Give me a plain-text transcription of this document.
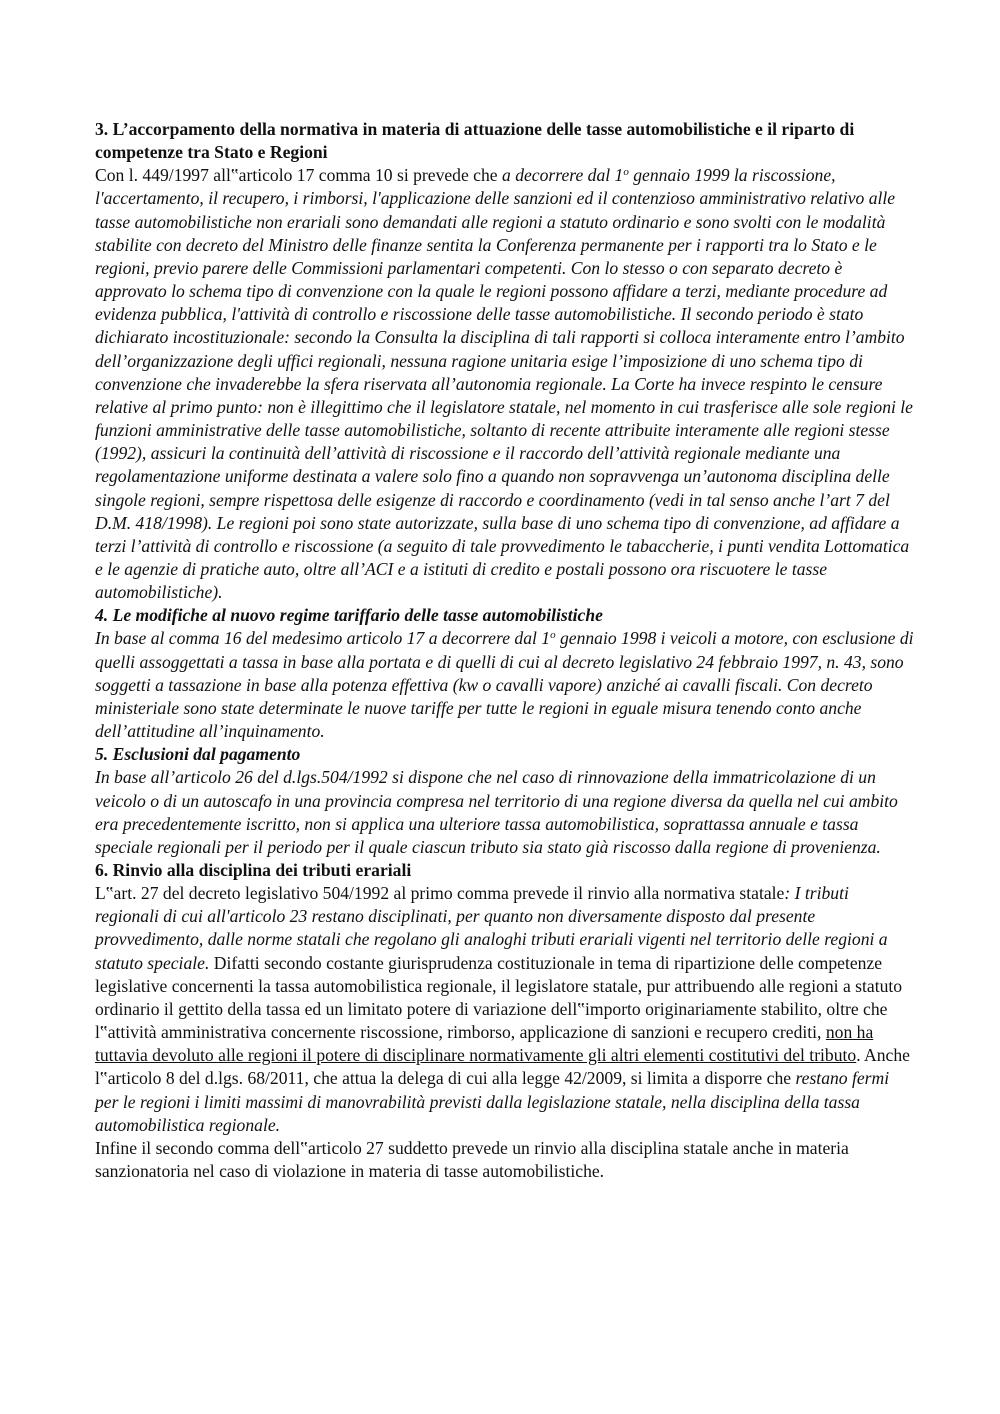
3. L’accorpamento della normativa in materia di attuazione delle tasse automobilistiche e il riparto di competenze tra Stato e Regioni

Con l. 449/1997 all‟articolo 17 comma 10 si prevede che a decorrere dal 1$^o$ gennaio 1999 la riscossione, l'accertamento, il recupero, i rimborsi, l'applicazione delle sanzioni ed il contenzioso amministrativo relativo alle tasse automobilistiche non erariali sono demandati alle regioni a statuto ordinario e sono svolti con le modalità stabilite con decreto del Ministro delle finanze sentita la Conferenza permanente per i rapporti tra lo Stato e le regioni, previo parere delle Commissioni parlamentari competenti. Con lo stesso o con separato decreto è approvato lo schema tipo di convenzione con la quale le regioni possono affidare a terzi, mediante procedure ad evidenza pubblica, l'attività di controllo e riscossione delle tasse automobilistiche. Il secondo periodo è stato dichiarato incostituzionale: secondo la Consulta la disciplina di tali rapporti si colloca interamente entro l’ambito dell’organizzazione degli uffici regionali, nessuna ragione unitaria esige l’imposizione di uno schema tipo di convenzione che invaderebbe la sfera riservata all’autonomia regionale. La Corte ha invece respinto le censure relative al primo punto: non è illegittimo che il legislatore statale, nel momento in cui trasferisce alle sole regioni le funzioni amministrative delle tasse automobilistiche, soltanto di recente attribuite interamente alle regioni stesse (1992), assicuri la continuità dell’attività di riscossione e il raccordo dell’attività regionale mediante una regolamentazione uniforme destinata a valere solo fino a quando non sopravvenga un’autonoma disciplina delle singole regioni, sempre rispettosa delle esigenze di raccordo e coordinamento (vedi in tal senso anche l’art 7 del D.M. 418/1998). Le regioni poi sono state autorizzate, sulla base di uno schema tipo di convenzione, ad affidare a terzi l’attività di controllo e riscossione (a seguito di tale provvedimento le tabaccherie, i punti vendita Lottomatica e le agenzie di pratiche auto, oltre all’ACI e a istituti di credito e postali possono ora riscuotere le tasse automobilistiche).

4. Le modifiche al nuovo regime tariffario delle tasse automobilistiche

In base al comma 16 del medesimo articolo 17 a decorrere dal 1$^o$ gennaio 1998 i veicoli a motore, con esclusione di quelli assoggettati a tassa in base alla portata e di quelli di cui al decreto legislativo 24 febbraio 1997, n. 43, sono soggetti a tassazione in base alla potenza effettiva (kw o cavalli vapore) anziché ai cavalli fiscali. Con decreto ministeriale sono state determinate le nuove tariffe per tutte le regioni in eguale misura tenendo conto anche dell’attitudine all’inquinamento.

5. Esclusioni dal pagamento

In base all’articolo 26 del d.lgs.504/1992 si dispone che nel caso di rinnovazione della immatricolazione di un veicolo o di un autoscafo in una provincia compresa nel territorio di una regione diversa da quella nel cui ambito era precedentemente iscritto, non si applica una ulteriore tassa automobilistica, soprattassa annuale e tassa speciale regionali per il periodo per il quale ciascun tributo sia stato già riscosso dalla regione di provenienza.

6. Rinvio alla disciplina dei tributi erariali

L‟art. 27 del decreto legislativo 504/1992 al primo comma prevede il rinvio alla normativa statale: I tributi regionali di cui all'articolo 23 restano disciplinati, per quanto non diversamente disposto dal presente provvedimento, dalle norme statali che regolano gli analoghi tributi erariali vigenti nel territorio delle regioni a statuto speciale. Difatti secondo costante giurisprudenza costituzionale in tema di ripartizione delle competenze legislative concernenti la tassa automobilistica regionale, il legislatore statale, pur attribuendo alle regioni a statuto ordinario il gettito della tassa ed un limitato potere di variazione dell‟importo originariamente stabilito, oltre che l‟attività amministrativa concernente riscossione, rimborso, applicazione di sanzioni e recupero crediti, non ha tuttavia devoluto alle regioni il potere di disciplinare normativamente gli altri elementi costitutivi del tributo. Anche l‟articolo 8 del d.lgs. 68/2011, che attua la delega di cui alla legge 42/2009, si limita a disporre che restano fermi per le regioni i limiti massimi di manovrabilità previsti dalla legislazione statale, nella disciplina della tassa automobilistica regionale.

Infine il secondo comma dell‟articolo 27 suddetto prevede un rinvio alla disciplina statale anche in materia sanzionatoria nel caso di violazione in materia di tasse automobilistiche.
